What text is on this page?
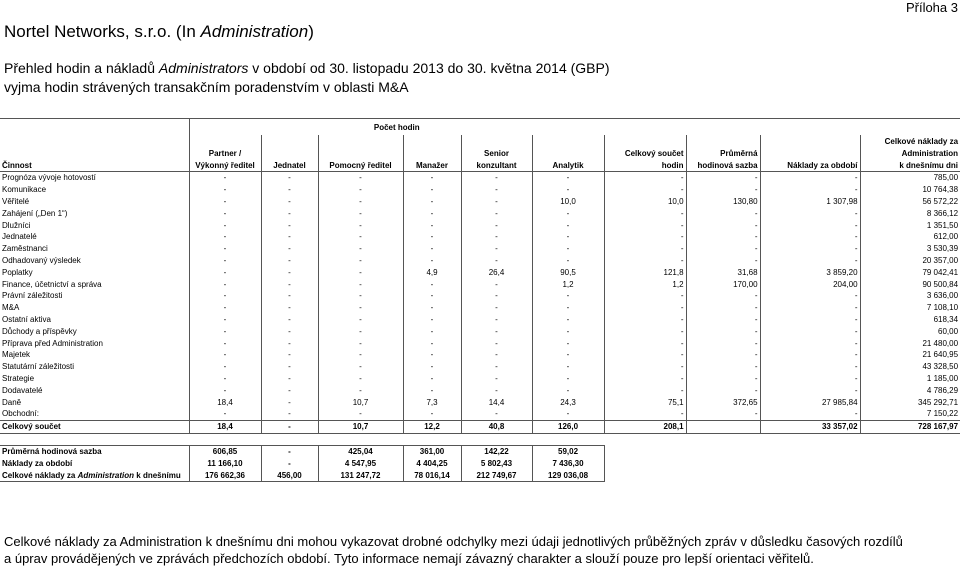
Příloha 3
Nortel Networks, s.r.o. (In Administration)
Přehled hodin a nákladů Administrators v období od 30. listopadu 2013 do 30. května 2014 (GBP)
vyjma hodin strávených transakčním poradenstvím v oblasti M&A
	Počet hodin									
										Celkové náklady za
	Partner /				Senior		Celkový součet	Průměrná		Administration
Činnost	Výkonný ředitel	Jednatel	Pomocný ředitel	Manažer	konzultant	Analytik	hodin	hodinová sazba	Náklady za období	k dnešnímu dni
Prognóza vývoje hotovostí	-	-	-	-	-	-	-	-	-	785,00
Komunikace	-	-	-	-	-	-	-	-	-	10 764,38
Věřitelé	-	-	-	-	-	10,0	10,0	130,80	1 307,98	56 572,22
Zahájení („Den 1“)	-	-	-	-	-	-	-	-	-	8 366,12
Dlužníci	-	-	-	-	-	-	-	-	-	1 351,50
Jednatelé	-	-	-	-	-	-	-	-	-	612,00
Zaměstnanci	-	-	-	-	-	-	-	-	-	3 530,39
Odhadovaný výsledek	-	-	-	-	-	-	-	-	-	20 357,00
Poplatky	-	-	-	4,9	26,4	90,5	121,8	31,68	3 859,20	79 042,41
Finance, účetnictví a správa	-	-	-	-	-	1,2	1,2	170,00	204,00	90 500,84
Právní záležitosti	-	-	-	-	-	-	-	-	-	3 636,00
M&A	-	-	-	-	-	-	-	-	-	7 108,10
Ostatní aktiva	-	-	-	-	-	-	-	-	-	618,34
Důchody a příspěvky	-	-	-	-	-	-	-	-	-	60,00
Příprava před Administration	-	-	-	-	-	-	-	-	-	21 480,00
Majetek	-	-	-	-	-	-	-	-	-	21 640,95
Statutární záležitosti	-	-	-	-	-	-	-	-	-	43 328,50
Strategie	-	-	-	-	-	-	-	-	-	1 185,00
Dodavatelé	-	-	-	-	-	-	-	-	-	4 786,29
Daně	18,4	-	10,7	7,3	14,4	24,3	75,1	372,65	27 985,84	345 292,71
Obchodní:	-	-	-	-	-	-	-	-	-	7 150,22
Celkový součet	18,4	-	10,7	12,2	40,8	126,0	208,1		33 357,02	728 167,97

Průměrná hodinová sazba	606,85	-	425,04	361,00	142,22	59,02				
Náklady za období	11 166,10	-	4 547,95	4 404,25	5 802,43	7 436,30				
Celkové náklady za Administration k dnešnímu	176 662,36	456,00	131 247,72	78 016,14	212 749,67	129 036,08				
Celkové náklady za Administration k dnešnímu dni mohou vykazovat drobné odchylky mezi údaji jednotlivých průběžných zpráv v důsledku časových rozdílů
a úprav provádějených ve zprávách předchozích období. Tyto informace nemají závazný charakter a slouží pouze pro lepší orientaci věřitelů.
